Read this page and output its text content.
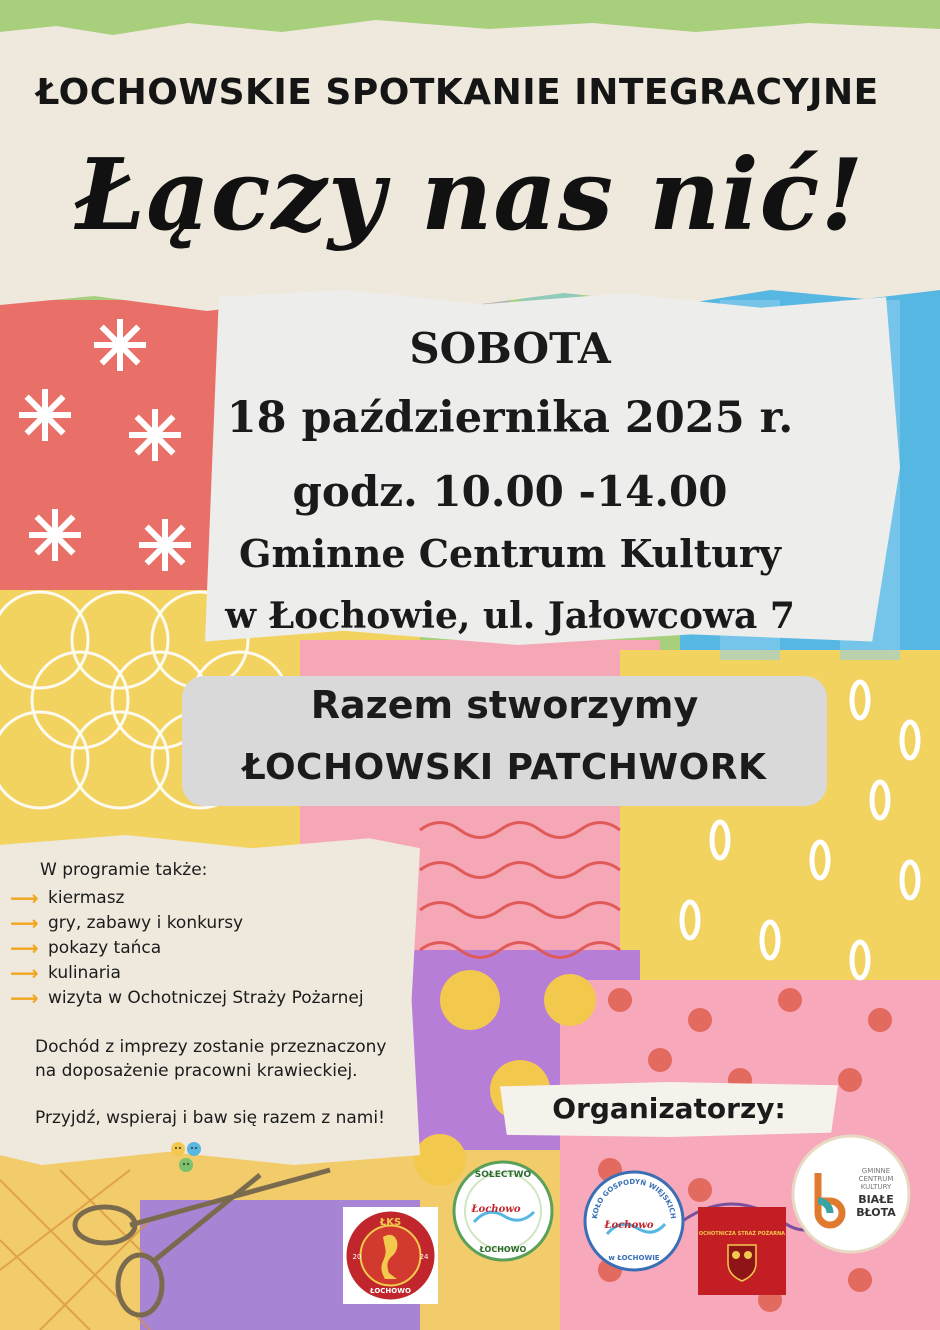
ŁOCHOWSKIE SPOTKANIE INTEGRACYJNE
Łączy nas nić!
SOBOTA
18 października 2025 r.
godz. 10.00 -14.00
Gminne Centrum Kultury
w Łochowie, ul. Jałowcowa 7
Razem stworzymy
ŁOCHOWSKI PATCHWORK
W programie także:
⟶ kiermasz
⟶ gry, zabawy i konkursy
⟶ pokazy tańca
⟶ kulinaria
⟶ wizyta w Ochotniczej Straży Pożarnej
Dochód z imprezy zostanie przeznaczony
na doposażenie pracowni krawieckiej.
Przyjdź, wspieraj i baw się razem z nami!	Organizatorzy:
ŁKS
20	24
ŁOCHOWO
SOŁECTWO
Łochowo
ŁOCHOWO
KOŁO GOSPODYŃ WIEJSKICH
Łochowo
w ŁOCHOWIE
OCHOTNICZA STRAŻ POŻARNA
GMINNE
CENTRUM
KULTURY
BIAŁE
BŁOTA
